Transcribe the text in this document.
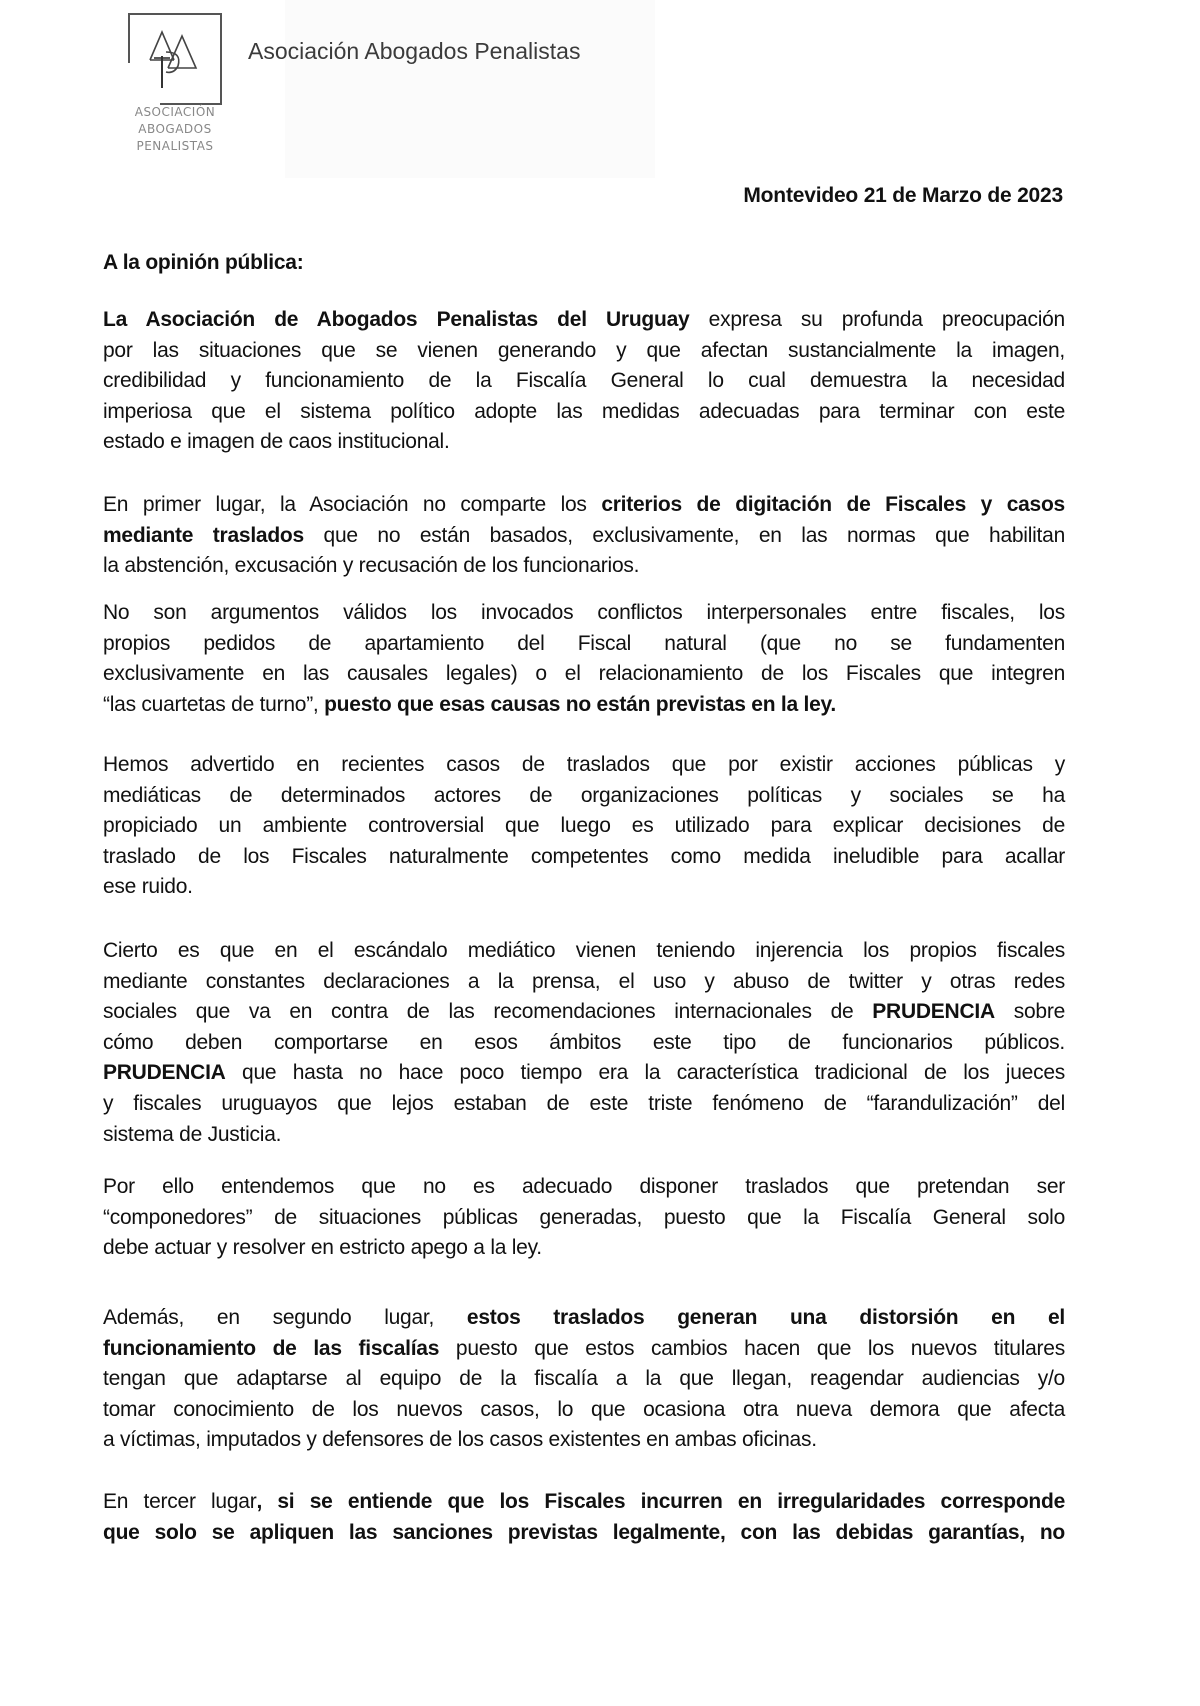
ASOCIACIÓN ABOGADOS
PENALISTAS
Asociación Abogados Penalistas
Montevideo 21 de Marzo de 2023
A la opinión pública:
La Asociación de Abogados Penalistas del Uruguay expresa su profunda preocupación
por las situaciones que se vienen generando y que afectan sustancialmente la imagen,
credibilidad y funcionamiento de la Fiscalía General lo cual demuestra la necesidad
imperiosa que el sistema político adopte las medidas adecuadas para terminar con este
estado e imagen de caos institucional.
En primer lugar, la Asociación no comparte los criterios de digitación de Fiscales y casos
mediante traslados que no están basados, exclusivamente, en las normas que habilitan
la abstención, excusación y recusación de los funcionarios.
No son argumentos válidos los invocados conflictos interpersonales entre fiscales, los
propios pedidos de apartamiento del Fiscal natural (que no se fundamenten
exclusivamente en las causales legales) o el relacionamiento de los Fiscales que integren
“las cuartetas de turno”, puesto que esas causas no están previstas en la ley.
Hemos advertido en recientes casos de traslados que por existir acciones públicas y
mediáticas de determinados actores de organizaciones políticas y sociales se ha
propiciado un ambiente controversial que luego es utilizado para explicar decisiones de
traslado de los Fiscales naturalmente competentes como medida ineludible para acallar
ese ruido.
Cierto es que en el escándalo mediático vienen teniendo injerencia los propios fiscales
mediante constantes declaraciones a la prensa, el uso y abuso de twitter y otras redes
sociales que va en contra de las recomendaciones internacionales de PRUDENCIA sobre
cómo deben comportarse en esos ámbitos este tipo de funcionarios públicos.
PRUDENCIA que hasta no hace poco tiempo era la característica tradicional de los jueces
y fiscales uruguayos que lejos estaban de este triste fenómeno de “farandulización” del
sistema de Justicia.
Por ello entendemos que no es adecuado disponer traslados que pretendan ser
“componedores” de situaciones públicas generadas, puesto que la Fiscalía General solo
debe actuar y resolver en estricto apego a la ley.
Además, en segundo lugar, estos traslados generan una distorsión en el
funcionamiento de las fiscalías puesto que estos cambios hacen que los nuevos titulares
tengan que adaptarse al equipo de la fiscalía a la que llegan, reagendar audiencias y/o
tomar conocimiento de los nuevos casos, lo que ocasiona otra nueva demora que afecta
a víctimas, imputados y defensores de los casos existentes en ambas oficinas.
En tercer lugar, si se entiende que los Fiscales incurren en irregularidades corresponde
que solo se apliquen las sanciones previstas legalmente, con las debidas garantías, no
